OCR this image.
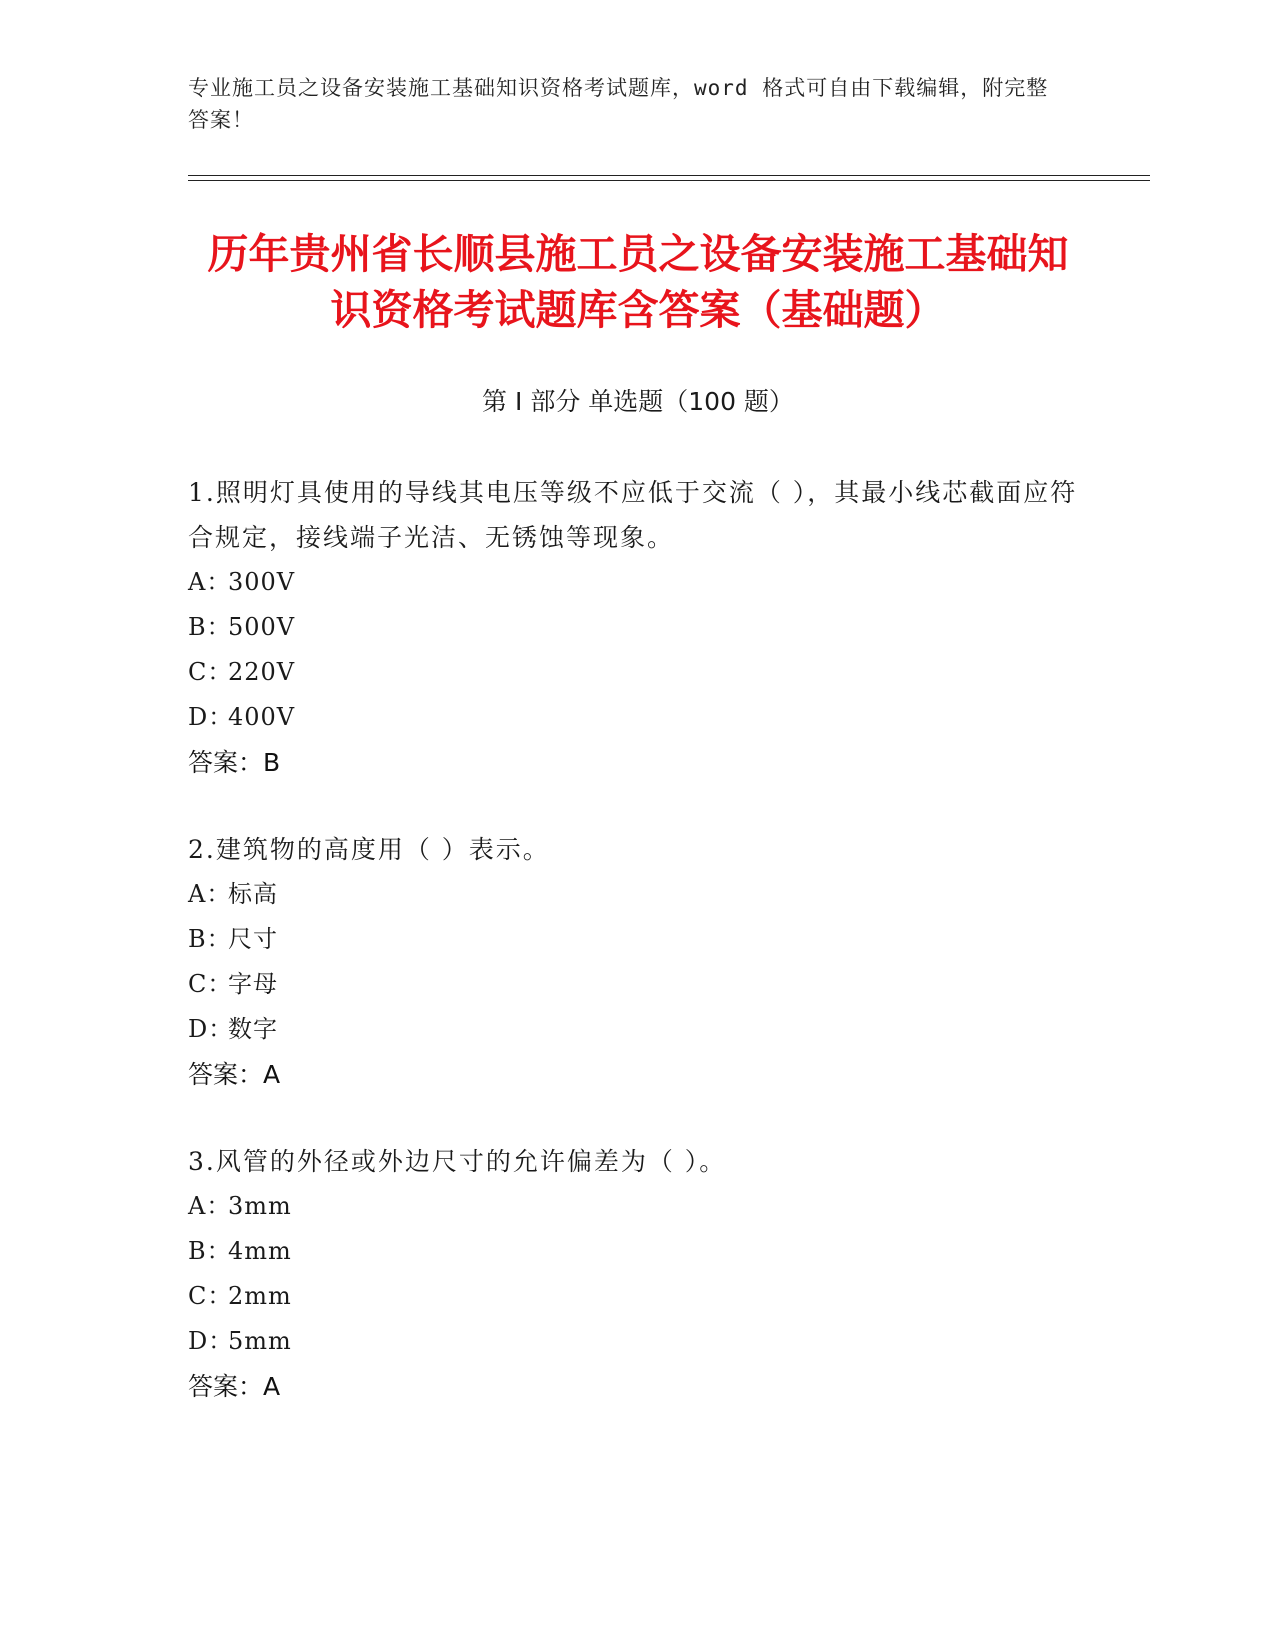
专业施工员之设备安装施工基础知识资格考试题库，word 格式可自由下载编辑，附完整答案！
历年贵州省长顺县施工员之设备安装施工基础知识资格考试题库含答案（基础题）
第 I 部分 单选题（100 题）
1.照明灯具使用的导线其电压等级不应低于交流（ ），其最小线芯截面应符合规定，接线端子光洁、无锈蚀等现象。
A：300V
B：500V
C：220V
D：400V
答案：B
2.建筑物的高度用（ ）表示。
A：标高
B：尺寸
C：字母
D：数字
答案：A
3.风管的外径或外边尺寸的允许偏差为（ ）。
A：3mm
B：4mm
C：2mm
D：5mm
答案：A
